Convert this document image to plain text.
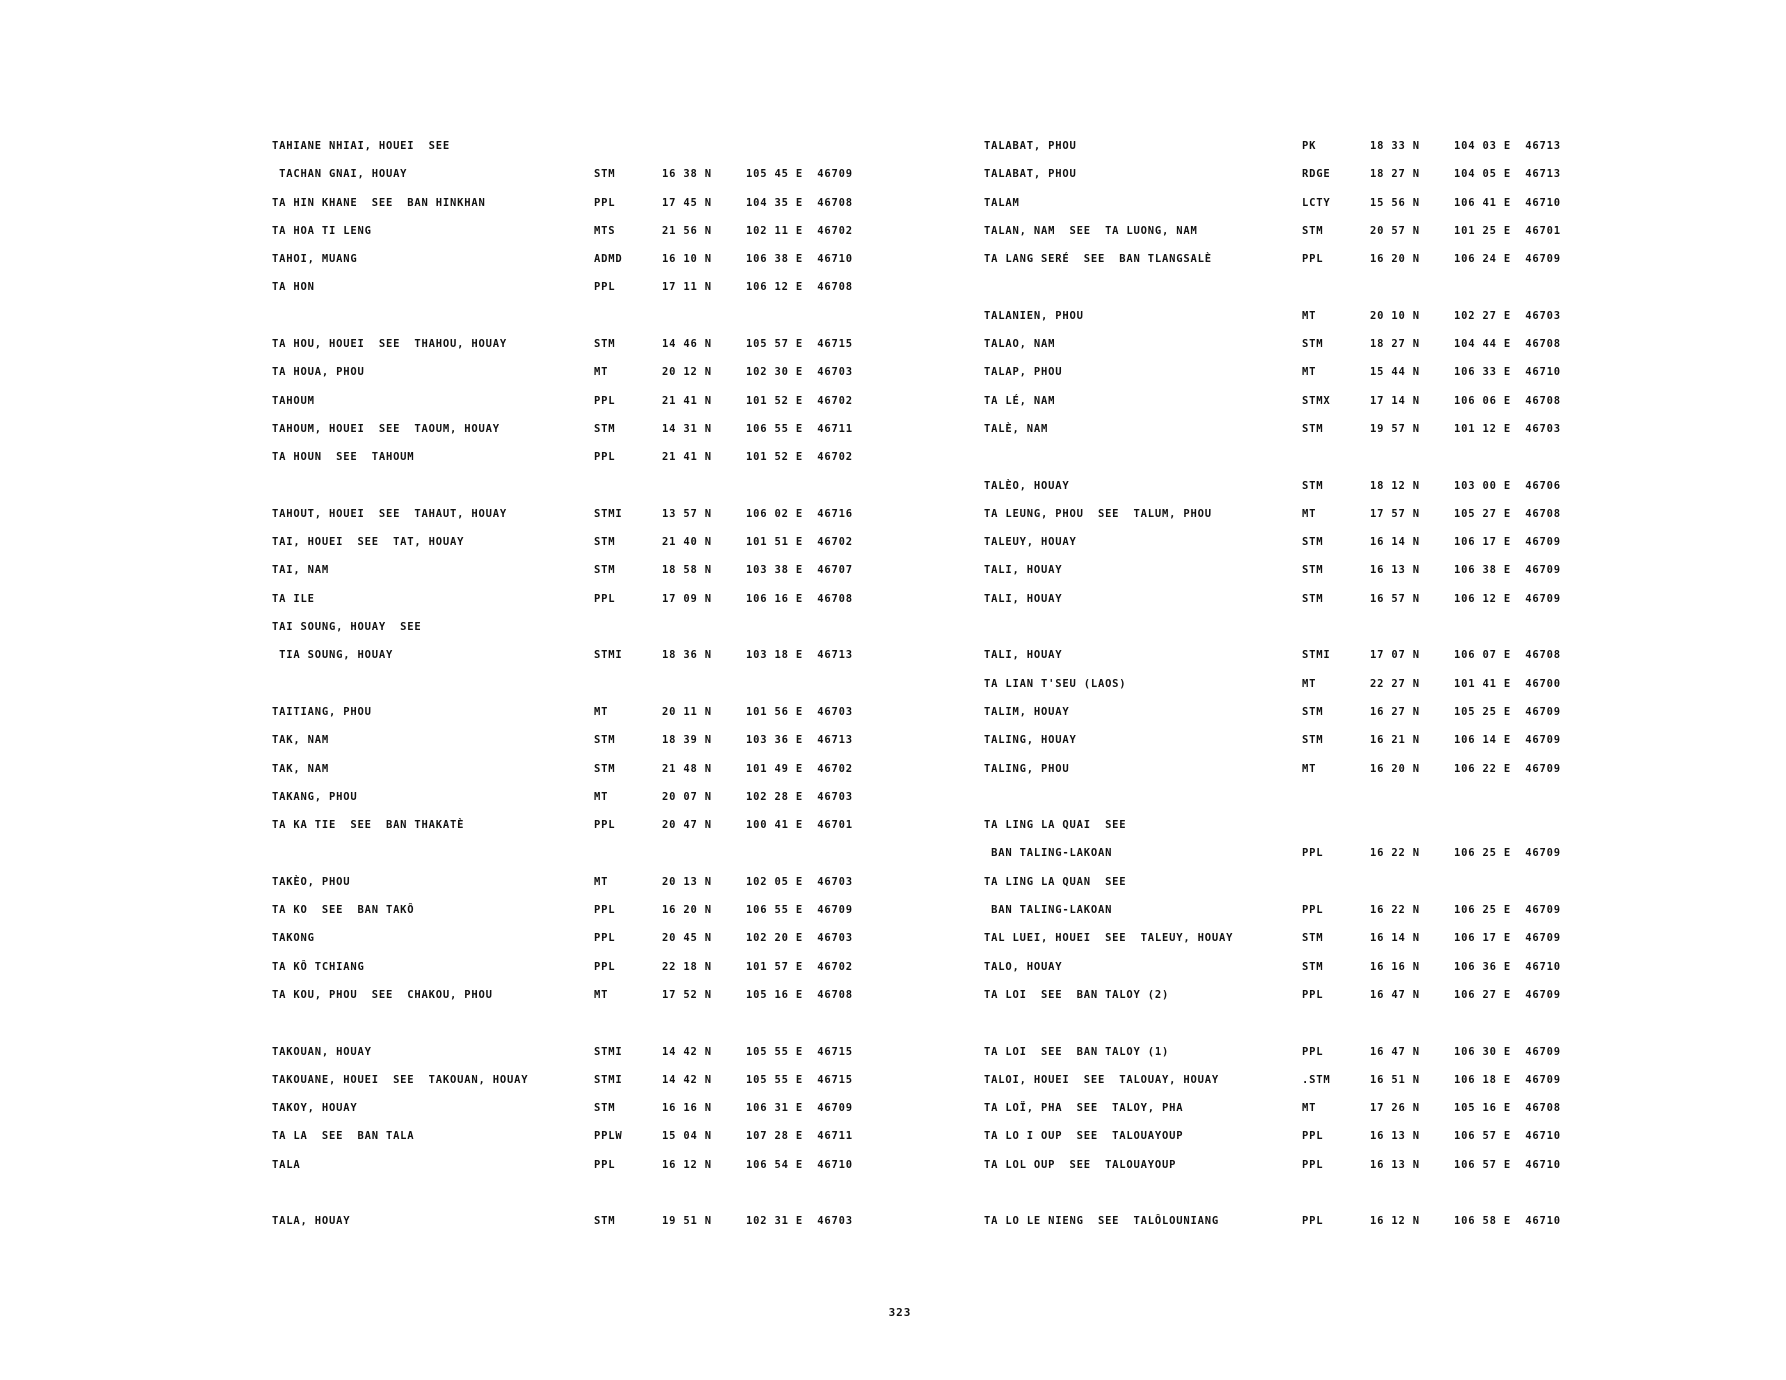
TAHIANE NHIAI, HOUEI  SEE
TACHAN GNAI, HOUAY	STM	16 38 N	105 45 E  46709
TA HIN KHANE  SEE  BAN HINKHAN	PPL	17 45 N	104 35 E  46708
TA HOA TI LENG	MTS	21 56 N	102 11 E  46702
TAHOI, MUANG	ADMD	16 10 N	106 38 E  46710
TA HON	PPL	17 11 N	106 12 E  46708
TA HOU, HOUEI  SEE  THAHOU, HOUAY	STM	14 46 N	105 57 E  46715
TA HOUA, PHOU	MT	20 12 N	102 30 E  46703
TAHOUM	PPL	21 41 N	101 52 E  46702
TAHOUM, HOUEI  SEE  TAOUM, HOUAY	STM	14 31 N	106 55 E  46711
TA HOUN  SEE  TAHOUM	PPL	21 41 N	101 52 E  46702
TAHOUT, HOUEI  SEE  TAHAUT, HOUAY	STMI	13 57 N	106 02 E  46716
TAI, HOUEI  SEE  TAT, HOUAY	STM	21 40 N	101 51 E  46702
TAI, NAM	STM	18 58 N	103 38 E  46707
TA ILE	PPL	17 09 N	106 16 E  46708
TAI SOUNG, HOUAY  SEE
TIA SOUNG, HOUAY	STMI	18 36 N	103 18 E  46713
TAITIANG, PHOU	MT	20 11 N	101 56 E  46703
TAK, NAM	STM	18 39 N	103 36 E  46713
TAK, NAM	STM	21 48 N	101 49 E  46702
TAKANG, PHOU	MT	20 07 N	102 28 E  46703
TA KA TIE  SEE  BAN THAKATÈ	PPL	20 47 N	100 41 E  46701
TAKÈO, PHOU	MT	20 13 N	102 05 E  46703
TA KO  SEE  BAN TAKÔ	PPL	16 20 N	106 55 E  46709
TAKONG	PPL	20 45 N	102 20 E  46703
TA KÔ TCHIANG	PPL	22 18 N	101 57 E  46702
TA KOU, PHOU  SEE  CHAKOU, PHOU	MT	17 52 N	105 16 E  46708
TAKOUAN, HOUAY	STMI	14 42 N	105 55 E  46715
TAKOUANE, HOUEI  SEE  TAKOUAN, HOUAY	STMI	14 42 N	105 55 E  46715
TAKOY, HOUAY	STM	16 16 N	106 31 E  46709
TA LA  SEE  BAN TALA	PPLW	15 04 N	107 28 E  46711
TALA	PPL	16 12 N	106 54 E  46710
TALA, HOUAY	STM	19 51 N	102 31 E  46703
TALABAT, PHOU	PK	18 33 N	104 03 E  46713
TALABAT, PHOU	RDGE	18 27 N	104 05 E  46713
TALAM	LCTY	15 56 N	106 41 E  46710
TALAN, NAM  SEE  TA LUONG, NAM	STM	20 57 N	101 25 E  46701
TA LANG SERÉ  SEE  BAN TLANGSALÈ	PPL	16 20 N	106 24 E  46709
TALANIEN, PHOU	MT	20 10 N	102 27 E  46703
TALAO, NAM	STM	18 27 N	104 44 E  46708
TALAP, PHOU	MT	15 44 N	106 33 E  46710
TA LÉ, NAM	STMX	17 14 N	106 06 E  46708
TALÈ, NAM	STM	19 57 N	101 12 E  46703
TALÈO, HOUAY	STM	18 12 N	103 00 E  46706
TA LEUNG, PHOU  SEE  TALUM, PHOU	MT	17 57 N	105 27 E  46708
TALEUY, HOUAY	STM	16 14 N	106 17 E  46709
TALI, HOUAY	STM	16 13 N	106 38 E  46709
TALI, HOUAY	STM	16 57 N	106 12 E  46709
TALI, HOUAY	STMI	17 07 N	106 07 E  46708
TA LIAN T'SEU (LAOS)	MT	22 27 N	101 41 E  46700
TALIM, HOUAY	STM	16 27 N	105 25 E  46709
TALING, HOUAY	STM	16 21 N	106 14 E  46709
TALING, PHOU	MT	16 20 N	106 22 E  46709
TA LING LA QUAI  SEE
BAN TALING-LAKOAN	PPL	16 22 N	106 25 E  46709
TA LING LA QUAN  SEE
BAN TALING-LAKOAN	PPL	16 22 N	106 25 E  46709
TAL LUEI, HOUEI  SEE  TALEUY, HOUAY	STM	16 14 N	106 17 E  46709
TALO, HOUAY	STM	16 16 N	106 36 E  46710
TA LOI  SEE  BAN TALOY (2)	PPL	16 47 N	106 27 E  46709
TA LOI  SEE  BAN TALOY (1)	PPL	16 47 N	106 30 E  46709
TALOI, HOUEI  SEE  TALOUAY, HOUAY	.STM	16 51 N	106 18 E  46709
TA LOÏ, PHA  SEE  TALOY, PHA	MT	17 26 N	105 16 E  46708
TA LO I OUP  SEE  TALOUAYOUP	PPL	16 13 N	106 57 E  46710
TA LOL OUP  SEE  TALOUAYOUP	PPL	16 13 N	106 57 E  46710
TA LO LE NIENG  SEE  TALÔLOUNIANG	PPL	16 12 N	106 58 E  46710
323
